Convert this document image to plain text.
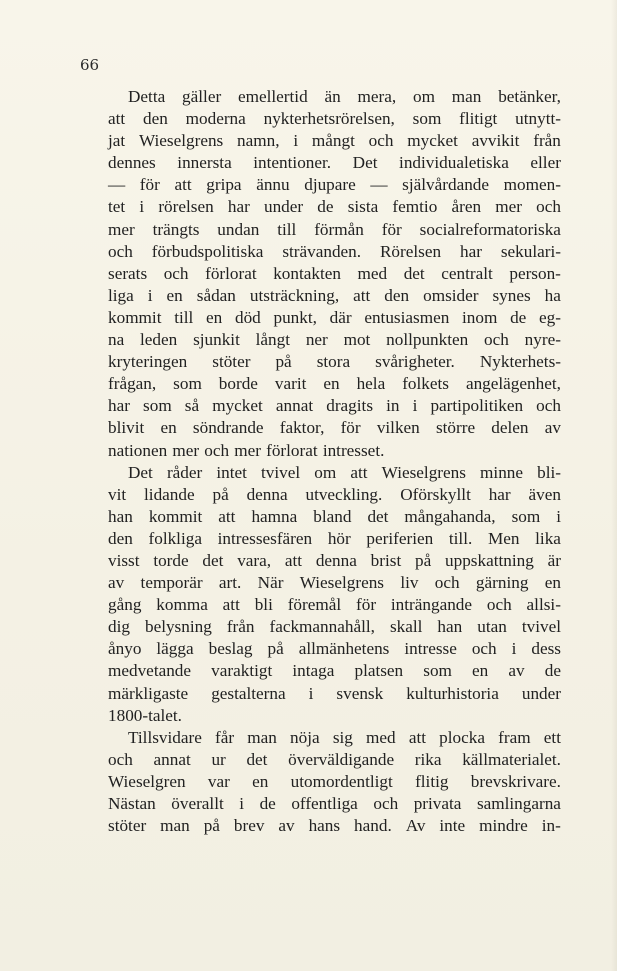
66
Detta gäller emellertid än mera, om man betänker,
att den moderna nykterhetsrörelsen, som flitigt utnytt-
jat Wieselgrens namn, i mångt och mycket avvikit från
dennes innersta intentioner. Det individualetiska eller
— för att gripa ännu djupare — självårdande momen-
tet i rörelsen har under de sista femtio åren mer och
mer trängts undan till förmån för socialreformatoriska
och förbudspolitiska strävanden. Rörelsen har sekulari-
serats och förlorat kontakten med det centralt person-
liga i en sådan utsträckning, att den omsider synes ha
kommit till en död punkt, där entusiasmen inom de eg-
na leden sjunkit långt ner mot nollpunkten och nyre-
kryteringen stöter på stora svårigheter. Nykterhets-
frågan, som borde varit en hela folkets angelägenhet,
har som så mycket annat dragits in i partipolitiken och
blivit en söndrande faktor, för vilken större delen av
nationen mer och mer förlorat intresset.
Det råder intet tvivel om att Wieselgrens minne bli-
vit lidande på denna utveckling. Oförskyllt har även
han kommit att hamna bland det mångahanda, som i
den folkliga intressesfären hör periferien till. Men lika
visst torde det vara, att denna brist på uppskattning är
av temporär art. När Wieselgrens liv och gärning en
gång komma att bli föremål för inträngande och allsi-
dig belysning från fackmannahåll, skall han utan tvivel
ånyo lägga beslag på allmänhetens intresse och i dess
medvetande varaktigt intaga platsen som en av de
märkligaste gestalterna i svensk kulturhistoria under
1800-talet.
Tillsvidare får man nöja sig med att plocka fram ett
och annat ur det överväldigande rika källmaterialet.
Wieselgren var en utomordentligt flitig brevskrivare.
Nästan överallt i de offentliga och privata samlingarna
stöter man på brev av hans hand. Av inte mindre in-
